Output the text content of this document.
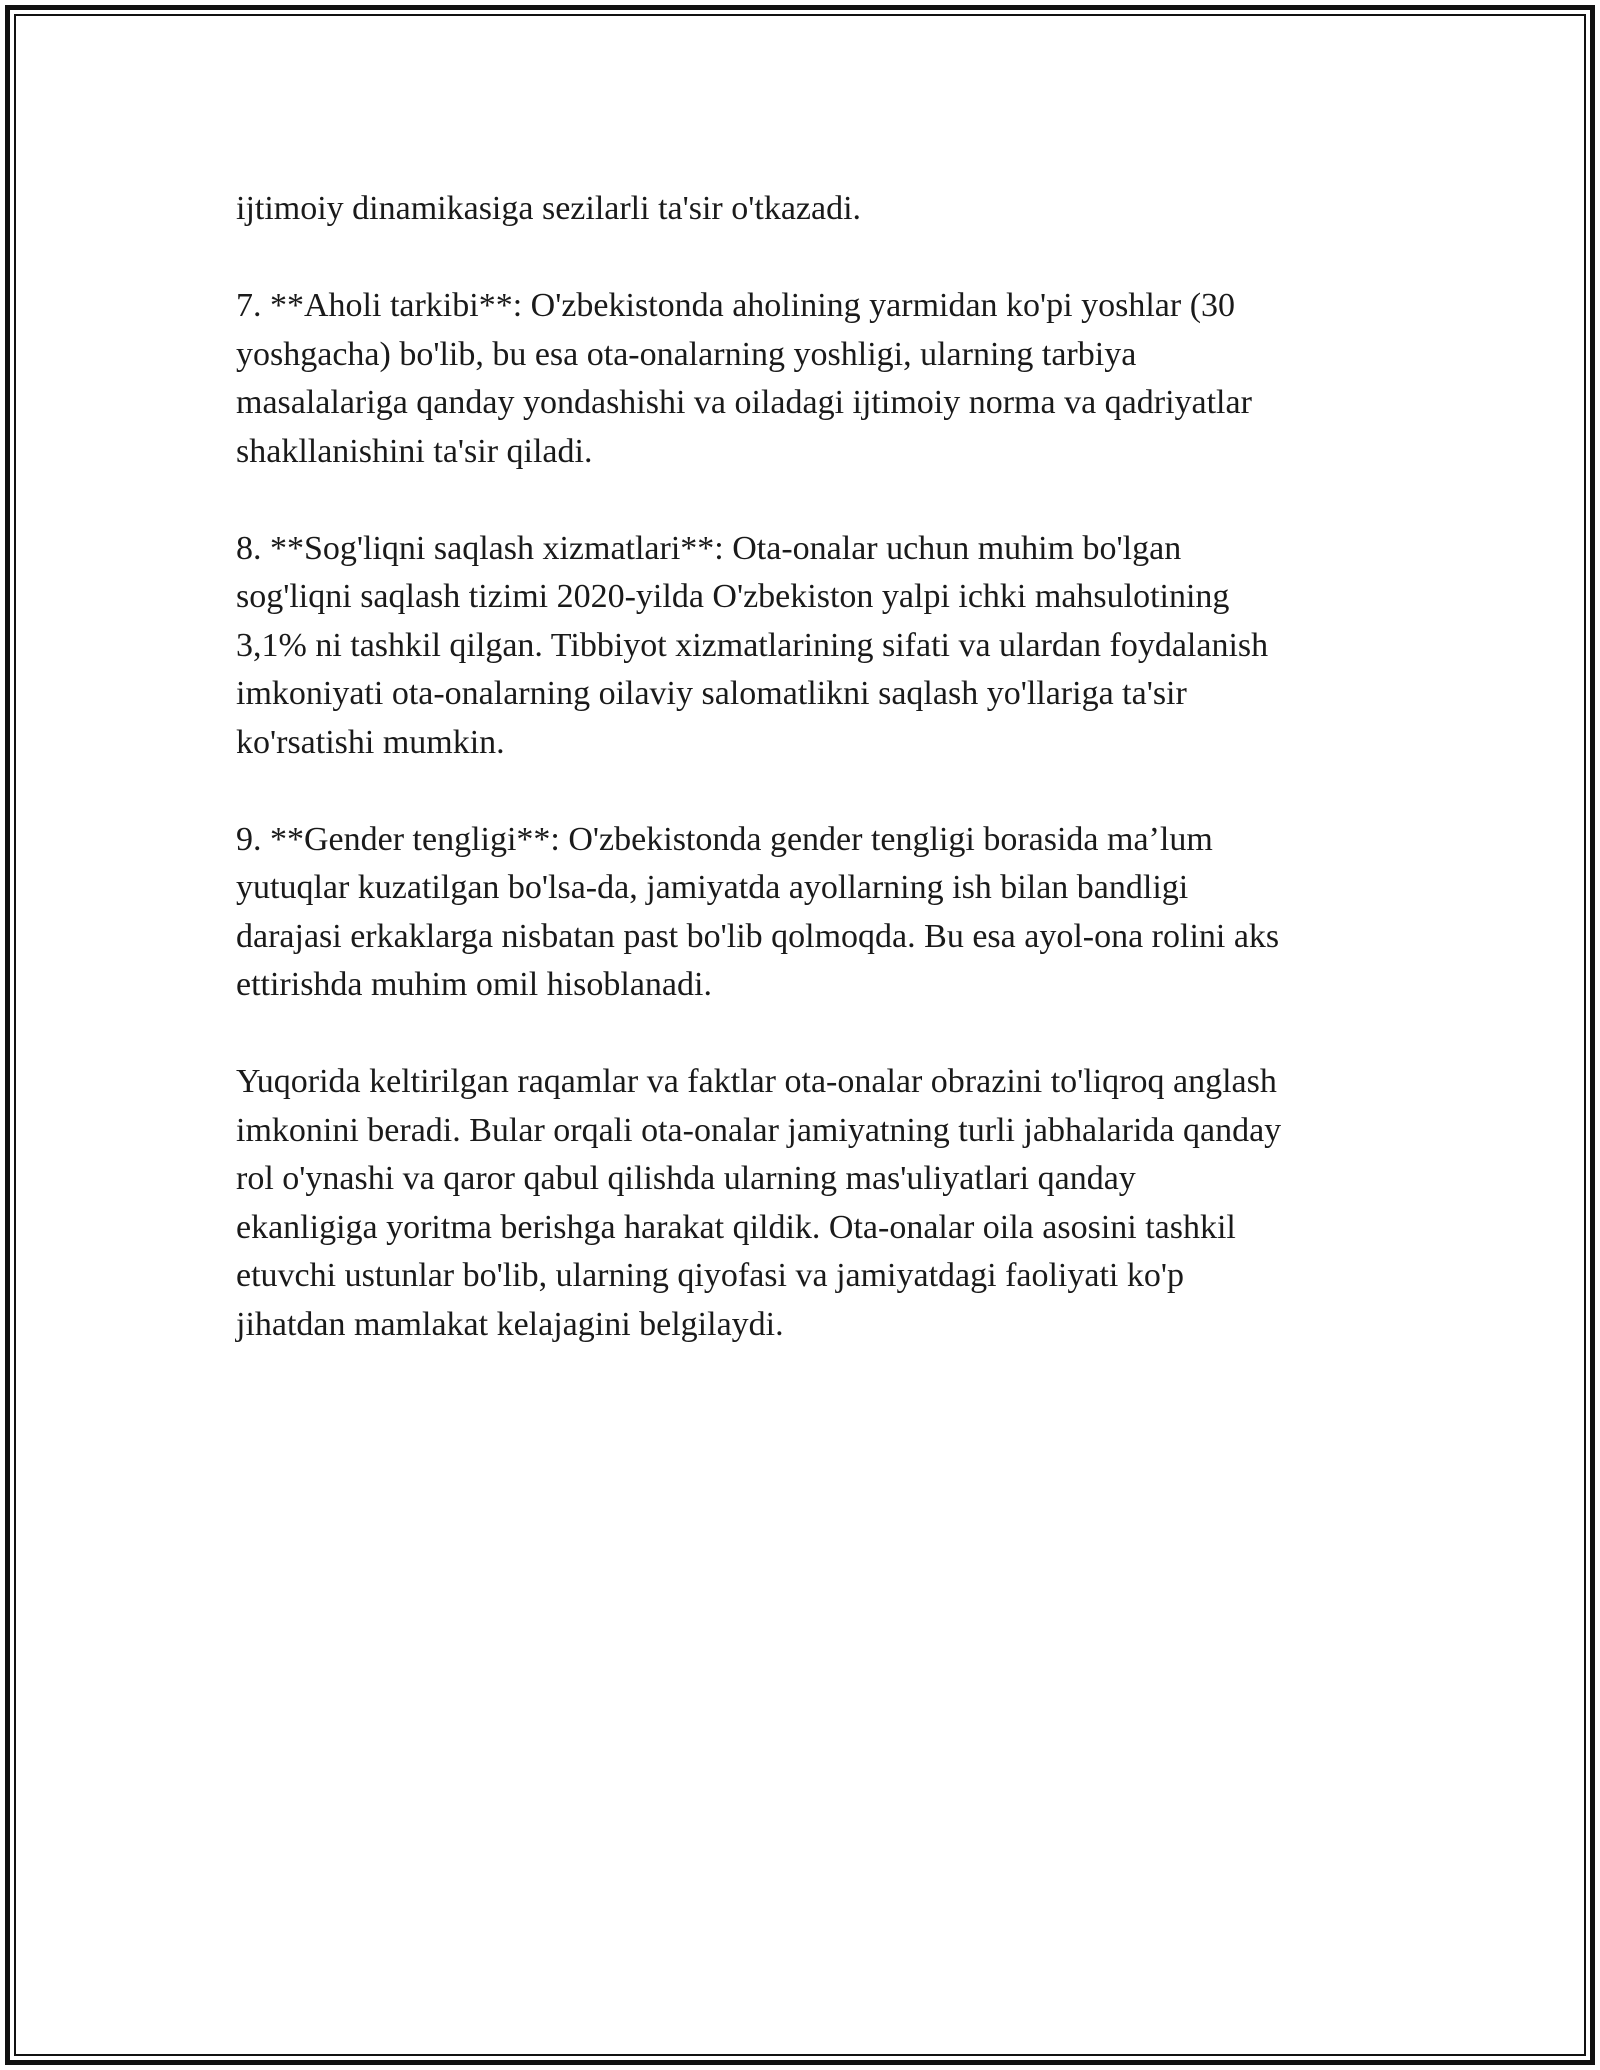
ijtimoiy dinamikasiga sezilarli ta'sir o'tkazadi.

7. **Aholi tarkibi**: O'zbekistonda aholining yarmidan ko'pi yoshlar (30
yoshgacha) bo'lib, bu esa ota-onalarning yoshligi, ularning tarbiya
masalalariga qanday yondashishi va oiladagi ijtimoiy norma va qadriyatlar
shakllanishini ta'sir qiladi.

8. **Sog'liqni saqlash xizmatlari**: Ota-onalar uchun muhim bo'lgan
sog'liqni saqlash tizimi 2020-yilda O'zbekiston yalpi ichki mahsulotining
3,1% ni tashkil qilgan. Tibbiyot xizmatlarining sifati va ulardan foydalanish
imkoniyati ota-onalarning oilaviy salomatlikni saqlash yo'llariga ta'sir
ko'rsatishi mumkin.

9. **Gender tengligi**: O'zbekistonda gender tengligi borasida ma’lum
yutuqlar kuzatilgan bo'lsa-da, jamiyatda ayollarning ish bilan bandligi
darajasi erkaklarga nisbatan past bo'lib qolmoqda. Bu esa ayol-ona rolini aks
ettirishda muhim omil hisoblanadi.

Yuqorida keltirilgan raqamlar va faktlar ota-onalar obrazini to'liqroq anglash
imkonini beradi. Bular orqali ota-onalar jamiyatning turli jabhalarida qanday
rol o'ynashi va qaror qabul qilishda ularning mas'uliyatlari qanday
ekanligiga yoritma berishga harakat qildik. Ota-onalar oila asosini tashkil
etuvchi ustunlar bo'lib, ularning qiyofasi va jamiyatdagi faoliyati ko'p
jihatdan mamlakat kelajagini belgilaydi.
